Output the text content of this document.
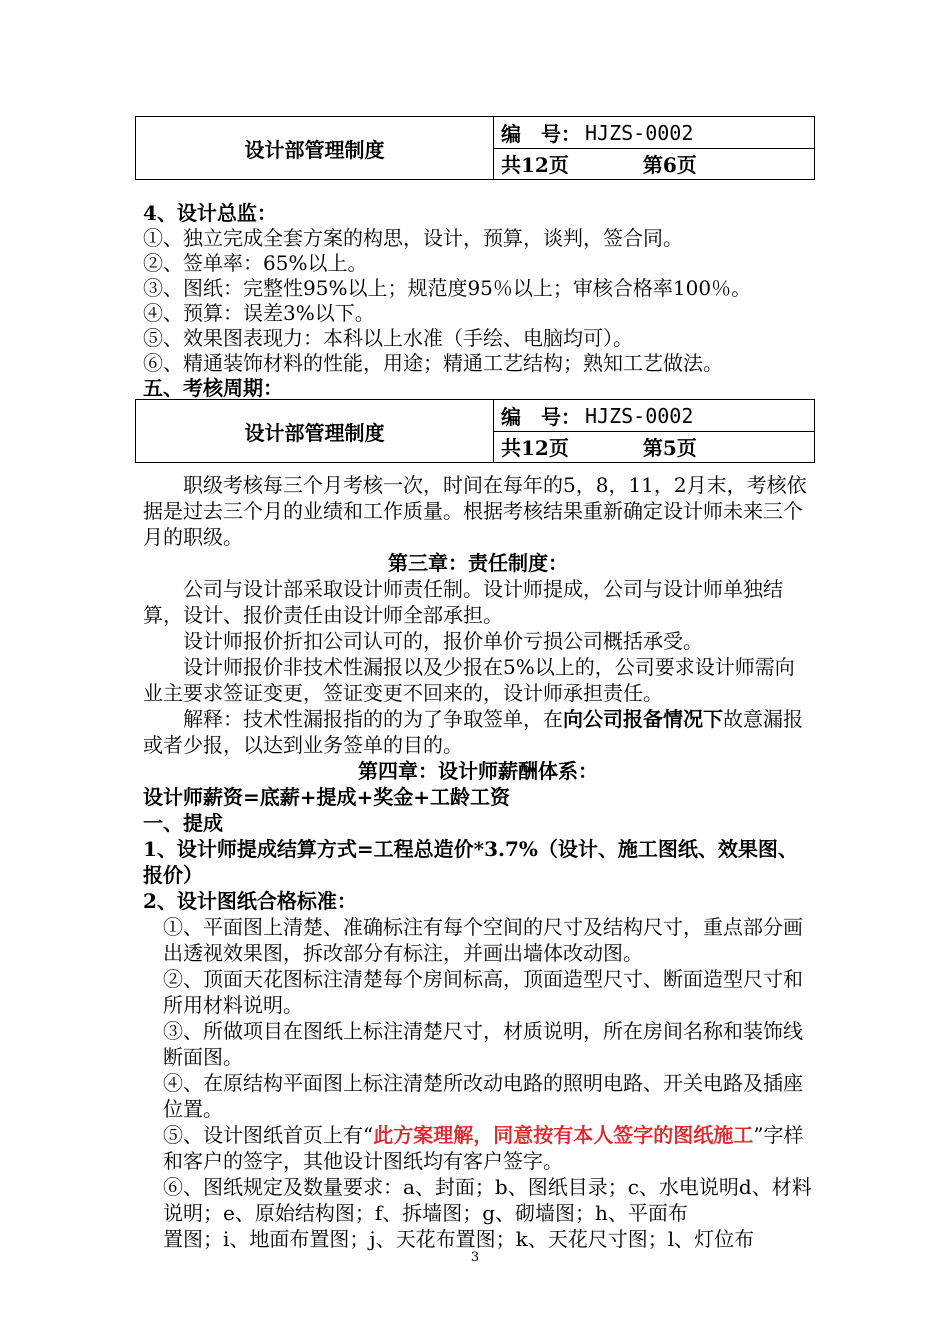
设计部管理制度
编　号： HJZS-0002
共12页	第6页

4、设计总监：

①、独立完成全套方案的构思，设计，预算，谈判，签合同。

②、签单率：65%以上。

③、图纸：完整性95%以上；规范度95％以上；审核合格率100％。

④、预算：误差3%以下。

⑤、效果图表现力：本科以上水准（手绘、电脑均可）。

⑥、精通装饰材料的性能，用途；精通工艺结构；熟知工艺做法。

五、考核周期：

设计部管理制度
编　号： HJZS-0002
共12页	第5页

职级考核每三个月考核一次，时间在每年的5，8，11，2月末，考核依据是过去三个月的业绩和工作质量。根据考核结果重新确定设计师未来三个月的职级。

第三章：责任制度：

公司与设计部采取设计师责任制。设计师提成，公司与设计师单独结算，设计、报价责任由设计师全部承担。

设计师报价折扣公司认可的，报价单价亏损公司概括承受。

设计师报价非技术性漏报以及少报在5%以上的，公司要求设计师需向业主要求签证变更，签证变更不回来的，设计师承担责任。

解释：技术性漏报指的的为了争取签单，在向公司报备情况下故意漏报或者少报，以达到业务签单的目的。

第四章：设计师薪酬体系：

设计师薪资=底薪+提成+奖金+工龄工资

一、提成

1、设计师提成结算方式=工程总造价*3.7%（设计、施工图纸、效果图、报价）

2、设计图纸合格标准：

①、平面图上清楚、准确标注有每个空间的尺寸及结构尺寸，重点部分画出透视效果图，拆改部分有标注，并画出墙体改动图。

②、顶面天花图标注清楚每个房间标高，顶面造型尺寸、断面造型尺寸和所用材料说明。

③、所做项目在图纸上标注清楚尺寸，材质说明，所在房间名称和装饰线断面图。

④、在原结构平面图上标注清楚所改动电路的照明电路、开关电路及插座位置。

⑤、设计图纸首页上有“此方案理解，同意按有本人签字的图纸施工”字样和客户的签字，其他设计图纸均有客户签字。

⑥、图纸规定及数量要求：a、封面；b、图纸目录；c、水电说明d、材料说明；e、原始结构图；f、拆墙图；g、砌墙图；h、平面布

置图；i、地面布置图；j、天花布置图；k、天花尺寸图；l、灯位布

3
